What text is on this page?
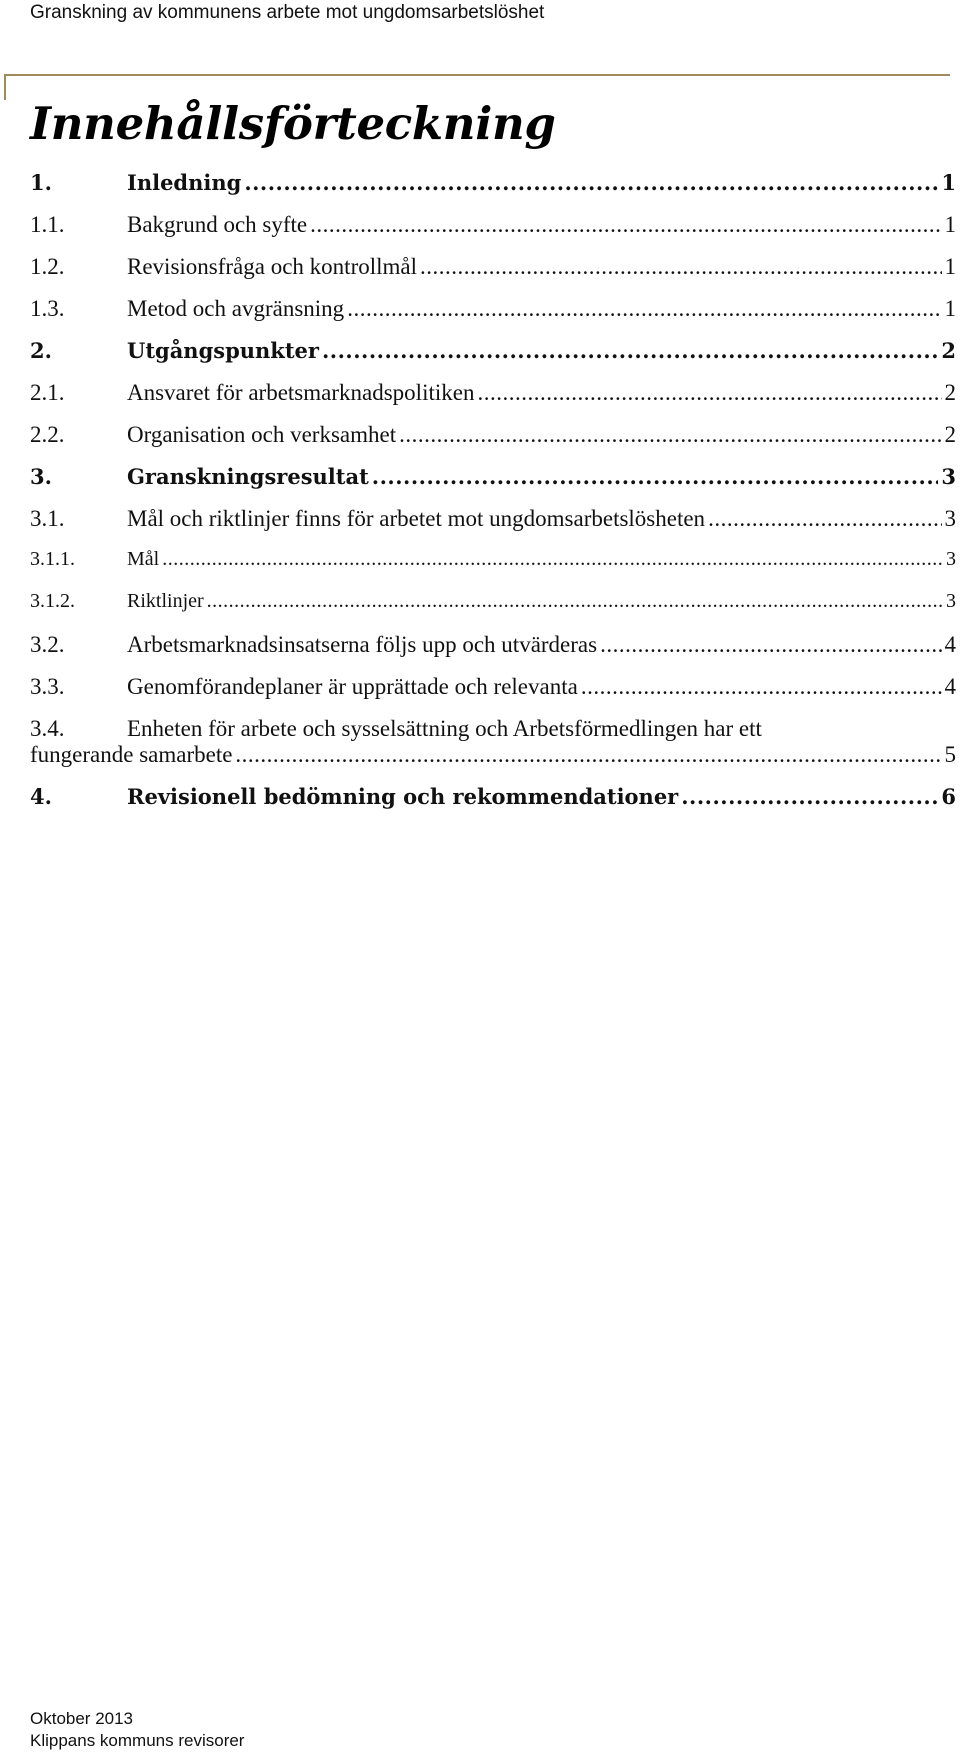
Granskning av kommunens arbete mot ungdomsarbetslöshet
Innehållsförteckning
1.	Inledning .....	1
1.1.	Bakgrund och syfte .....	1
1.2.	Revisionsfråga och kontrollmål .....	1
1.3.	Metod och avgränsning .....	1
2.	Utgångspunkter .....	2
2.1.	Ansvaret för arbetsmarknadspolitiken .....	2
2.2.	Organisation och verksamhet .....	2
3.	Granskningsresultat .....	3
3.1.	Mål och riktlinjer finns för arbetet mot ungdomsarbetslösheten .....	3
3.1.1.	Mål .....	3
3.1.2.	Riktlinjer .....	3
3.2.	Arbetsmarknadsinsatserna följs upp och utvärderas .....	4
3.3.	Genomförandeplaner är upprättade och relevanta .....	4
3.4.	Enheten för arbete och sysselsättning och Arbetsförmedlingen har ett
fungerande samarbete .....	5
4.	Revisionell bedömning och rekommendationer .....	6
Oktober 2013
Klippans kommuns revisorer
